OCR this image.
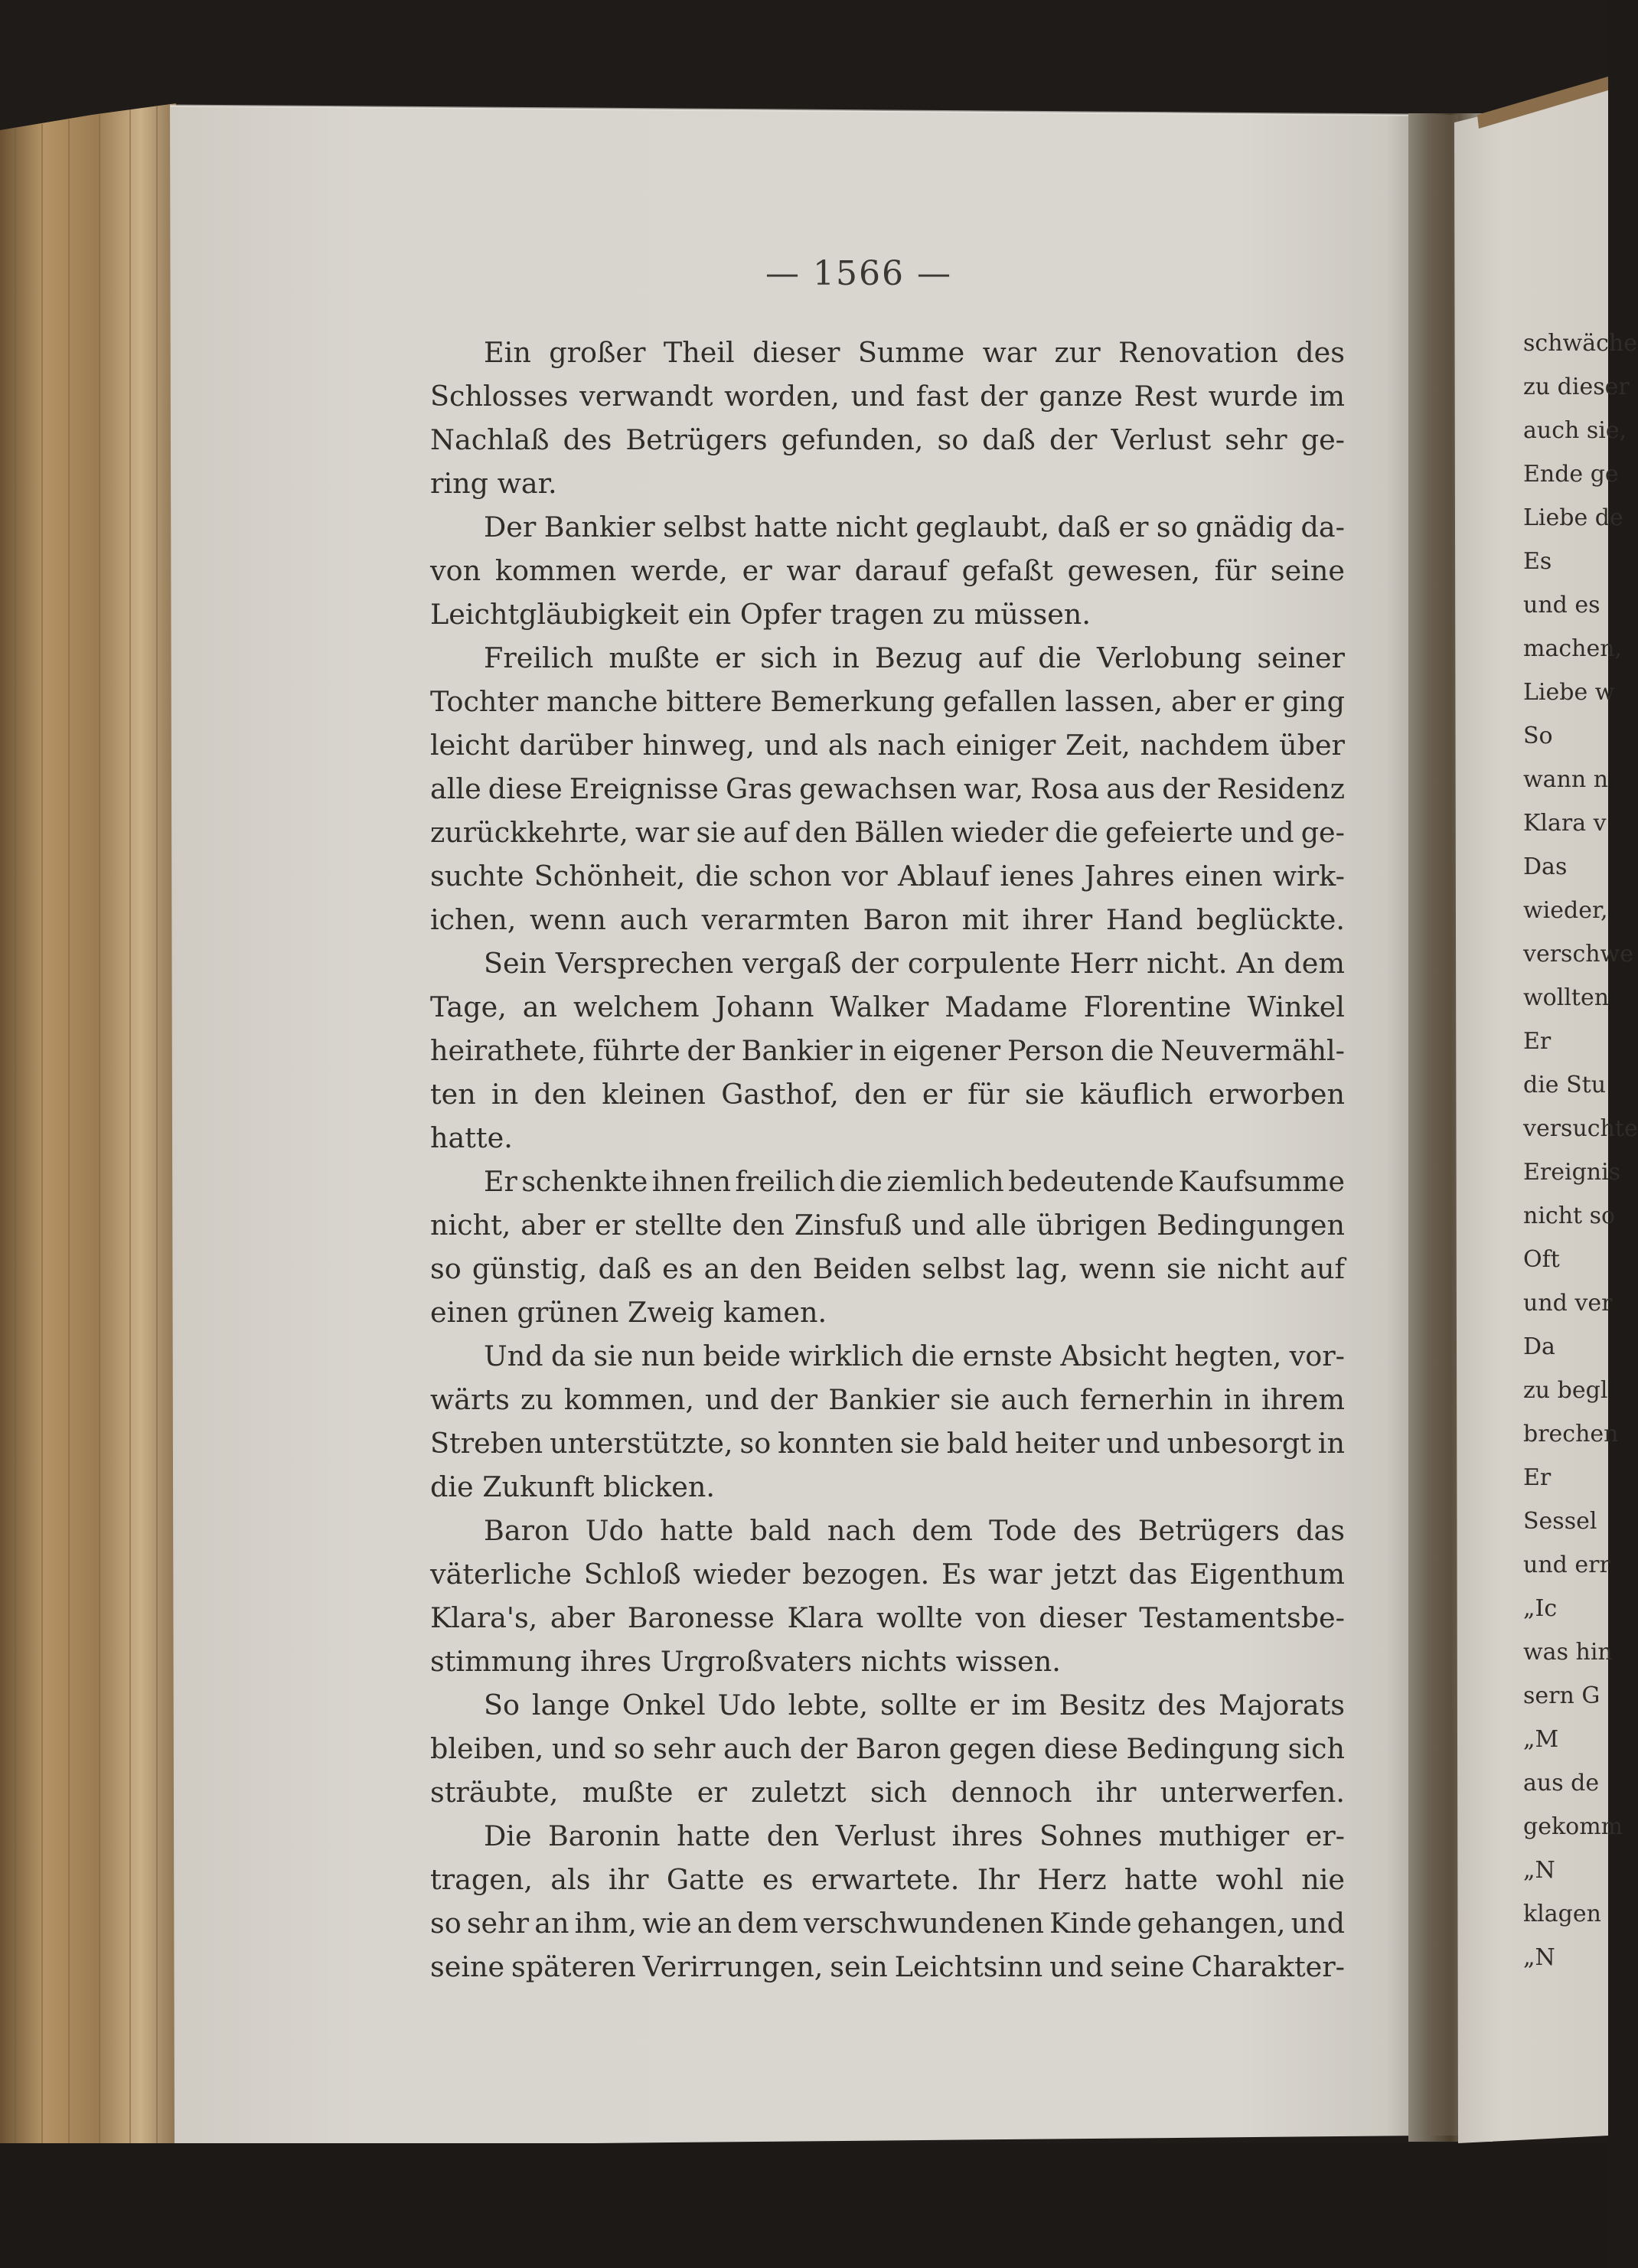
— 1566 —
Ein großer Theil dieser Summe war zur Renovation des
Schlosses verwandt worden, und fast der ganze Rest wurde im
Nachlaß des Betrügers gefunden, so daß der Verlust sehr ge-
ring war.
Der Bankier selbst hatte nicht geglaubt, daß er so gnädig da-
von kommen werde, er war darauf gefaßt gewesen, für seine
Leichtgläubigkeit ein Opfer tragen zu müssen.
Freilich mußte er sich in Bezug auf die Verlobung seiner
Tochter manche bittere Bemerkung gefallen lassen, aber er ging
leicht darüber hinweg, und als nach einiger Zeit, nachdem über
alle diese Ereignisse Gras gewachsen war, Rosa aus der Residenz
zurückkehrte, war sie auf den Bällen wieder die gefeierte und ge-
suchte Schönheit, die schon vor Ablauf ienes Jahres einen wirk-
ichen, wenn auch verarmten Baron mit ihrer Hand beglückte.
Sein Versprechen vergaß der corpulente Herr nicht. An dem
Tage, an welchem Johann Walker Madame Florentine Winkel
heirathete, führte der Bankier in eigener Person die Neuvermähl-
ten in den kleinen Gasthof, den er für sie käuflich erworben
hatte.
Er schenkte ihnen freilich die ziemlich bedeutende Kaufsumme
nicht, aber er stellte den Zinsfuß und alle übrigen Bedingungen
so günstig, daß es an den Beiden selbst lag, wenn sie nicht auf
einen grünen Zweig kamen.
Und da sie nun beide wirklich die ernste Absicht hegten, vor-
wärts zu kommen, und der Bankier sie auch fernerhin in ihrem
Streben unterstützte, so konnten sie bald heiter und unbesorgt in
die Zukunft blicken.
Baron Udo hatte bald nach dem Tode des Betrügers das
väterliche Schloß wieder bezogen. Es war jetzt das Eigenthum
Klara's, aber Baronesse Klara wollte von dieser Testamentsbe-
stimmung ihres Urgroßvaters nichts wissen.
So lange Onkel Udo lebte, sollte er im Besitz des Majorats
bleiben, und so sehr auch der Baron gegen diese Bedingung sich
sträubte, mußte er zuletzt sich dennoch ihr unterwerfen.
Die Baronin hatte den Verlust ihres Sohnes muthiger er-
tragen, als ihr Gatte es erwartete. Ihr Herz hatte wohl nie
so sehr an ihm, wie an dem verschwundenen Kinde gehangen, und
seine späteren Verirrungen, sein Leichtsinn und seine Charakter-
schwäche
zu dieser
auch sie,
Ende ge
Liebe de
Es
und es
machen,
Liebe w
So
wann n
Klara v
Das
wieder,
verschwe
wollten
Er
die Stu
versuchte
Ereignis
nicht so
Oft
und ver
Da
zu begl
brechen
Er
Sessel
und err
„Ic
was hin
sern G
„M
aus de
gekomm
„N
klagen
„N
